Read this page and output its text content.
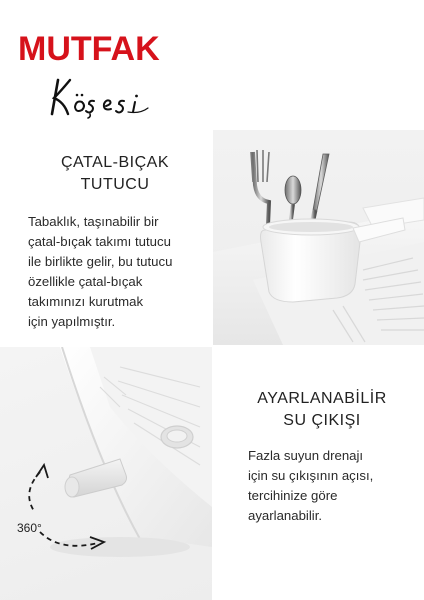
MUTFAK
360°
ÇATAL-BIÇAK
TUTUCU
Tabaklık, taşınabilir bir
çatal-bıçak takımı tutucu
ile birlikte gelir, bu tutucu
özellikle çatal-bıçak
takımınızı kurutmak
için yapılmıştır.
AYARLANABİLİR
SU ÇIKIŞI
Fazla suyun drenajı
için su çıkışının açısı,
tercihinize göre
ayarlanabilir.
